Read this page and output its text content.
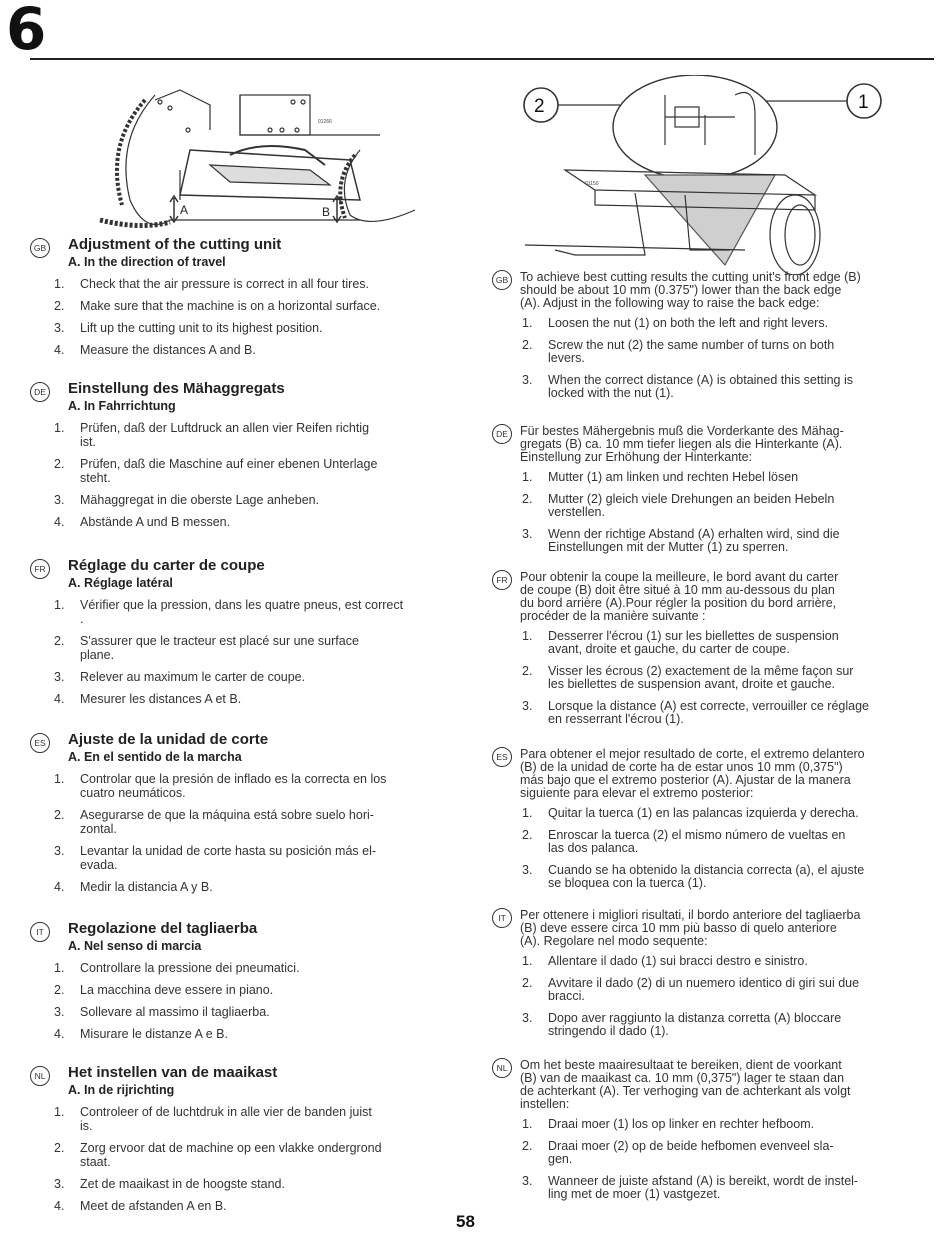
6
A	B
01266
2	1
01150
GB Adjustment of the cutting unit
A. In the direction of travel
1. Check that the air pressure is correct in all four tires.
2. Make sure that the machine is on a horizontal surface.
3. Lift up the cutting unit to its highest position.
4. Measure the distances A and B.
DE Einstellung des Mähaggregats
A. In Fahrrichtung
1. Prüfen, daß der Luftdruck an allen vier Reifen richtig
ist.
2. Prüfen, daß die Maschine auf einer ebenen Unterlage
steht.
3. Mähaggregat in die oberste Lage anheben.
4. Abstände A und B messen.
FR Réglage du carter de coupe
A. Réglage latéral
1. Vérifier que la pression, dans les quatre pneus, est correct
.
2. S'assurer que le tracteur est placé sur une surface
plane.
3. Relever au maximum le carter de coupe.
4. Mesurer les distances A et B.
ES Ajuste de la unidad de corte
A. En el sentido de la marcha
1. Controlar que la presión de inflado es la correcta en los
cuatro neumáticos.
2. Asegurarse de que la máquina está sobre suelo hori-
zontal.
3. Levantar la unidad de corte hasta su posición más el-
evada.
4. Medir la distancia A y B.
IT	Regolazione del tagliaerba
A. Nel senso di marcia
1. Controllare la pressione dei pneumatici.
2. La macchina deve essere in piano.
3. Sollevare al massimo il tagliaerba.
4. Misurare le distanze A e B.
NL	Het instellen van de maaikast
A. In de rijrichting
1. Controleer of de luchtdruk in alle vier de banden juist
is.
2. Zorg ervoor dat de machine op een vlakke ondergrond
staat.
3. Zet de maaikast in de hoogste stand.
4. Meet de afstanden A en B.
GB To achieve best cutting results the cutting unit's front edge (B)
should be about 10 mm (0.375") lower than the back edge
(A). Adjust in the following way to raise the back edge:
1. Loosen the nut (1) on both the left and right levers.
2. Screw the nut (2) the same number of turns on both
levers.
3. When the correct distance (A) is obtained this setting is
locked with the nut (1).
DE Für bestes Mähergebnis muß die Vorderkante des Mähag-
gregats (B) ca. 10 mm tiefer liegen als die Hinterkante (A).
Einstellung zur Erhöhung der Hinterkante:
1. Mutter (1) am linken und rechten Hebel lösen
2. Mutter (2) gleich viele Drehungen an beiden Hebeln
verstellen.
3. Wenn der richtige Abstand (A) erhalten wird, sind die
Einstellungen mit der Mutter (1) zu sperren.
FR Pour obtenir la coupe la meilleure, le bord avant du carter
de coupe (B) doit être situé à 10 mm au-dessous du plan
du bord arrière (A).Pour régler la position du bord arrière,
procéder de la manière suivante :
1. Desserrer l'écrou (1) sur les biellettes de suspension
avant, droite et gauche, du carter de coupe.
2. Visser les écrous (2) exactement de la même façon sur
les biellettes de suspension avant, droite et gauche.
3. Lorsque la distance (A) est correcte, verrouiller ce réglage
en resserrant l'écrou (1).
ES Para obtener el mejor resultado de corte, el extremo delantero
(B) de la unidad de corte ha de estar unos 10 mm (0,375")
más bajo que el extremo posterior (A). Ajustar de la manera
siguiente para elevar el extremo posterior:
1. Quitar la tuerca (1) en las palancas izquierda y derecha.
2. Enroscar la tuerca (2) el mismo número de vueltas en
las dos palanca.
3. Cuando se ha obtenido la distancia correcta (a), el ajuste
se bloquea con la tuerca (1).
IT	Per ottenere i migliori risultati, il bordo anteriore del tagliaerba
(B) deve essere circa 10 mm più basso di quelo anteriore
(A). Regolare nel modo sequente:
1. Allentare il dado (1) sui bracci destro e sinistro.
2. Avvitare il dado (2) di un nuemero identico di giri sui due
bracci.
3. Dopo aver raggiunto la distanza corretta (A) bloccare
stringendo il dado (1).
NL	Om het beste maairesultaat te bereiken, dient de voorkant
(B) van de maaikast ca. 10 mm (0,375") lager te staan dan
de achterkant (A). Ter verhoging van de achterkant als volgt
instellen:
1. Draai moer (1) los op linker en rechter hefboom.
2. Draai moer (2) op de beide hefbomen evenveel sla-
gen.
3. Wanneer de juiste afstand (A) is bereikt, wordt de instel-
ling met de moer (1) vastgezet.
58
